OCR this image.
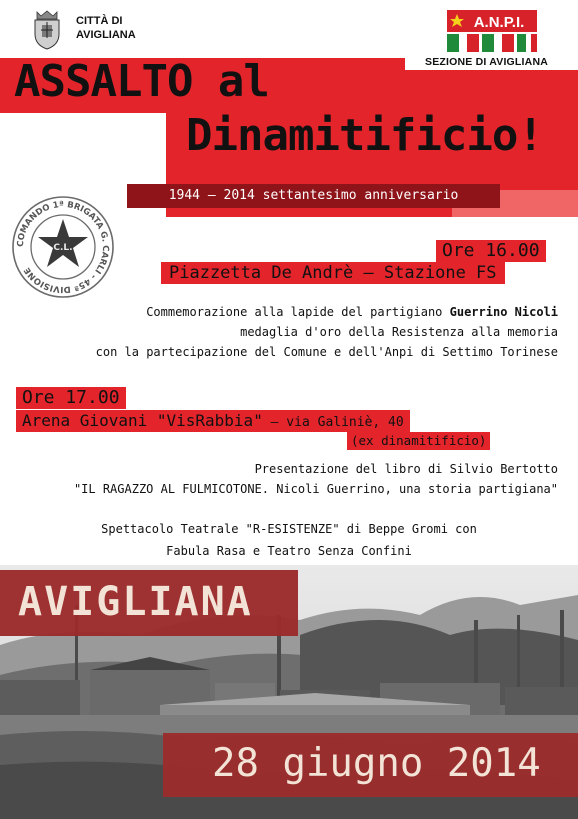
CITTÀ DI
AVIGLIANA
A.N.P.I.
SEZIONE DI AVIGLIANA
ASSALTO al
Dinamitificio!
1944 – 2014 settantesimo anniversario
COMANDO 1ª BRIGATA G. CARLI - 45ª DIVISIONE
C.L.	Ore 16.00
Piazzetta De Andrè – Stazione FS
Commemorazione alla lapide del partigiano Guerrino Nicoli
medaglia d'oro della Resistenza alla memoria
con la partecipazione del Comune e dell'Anpi di Settimo Torinese
Ore 17.00
Arena Giovani "VisRabbia" – via Galiniè, 40
(ex dinamitificio)
Presentazione del libro di Silvio Bertotto
"IL RAGAZZO AL FULMICOTONE. Nicoli Guerrino, una storia partigiana"
Spettacolo Teatrale "R-ESISTENZE" di Beppe Gromi con
Fabula Rasa e Teatro Senza Confini
AVIGLIANA
28 giugno 2014
